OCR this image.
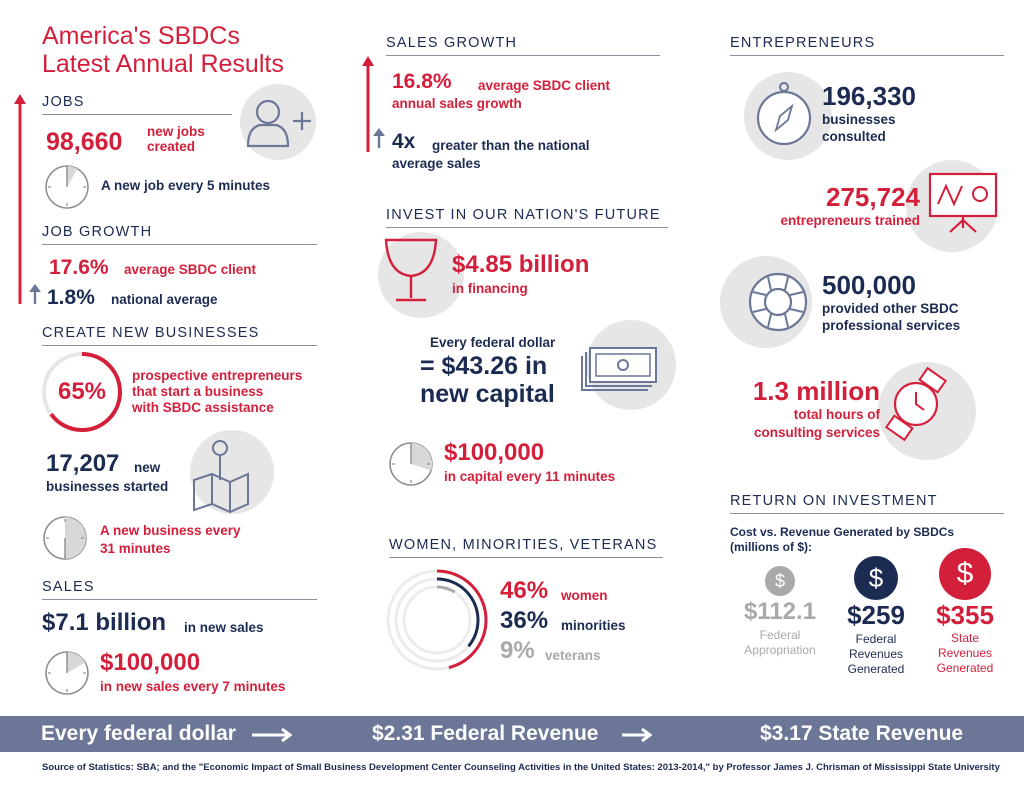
America's SBDCs
Latest Annual Results
JOBS
98,660 new jobs
created
A new job every 5 minutes
JOB GROWTH
17.6% average SBDC client
1.8% national average
CREATE NEW BUSINESSES
65%
prospective entrepreneurs
that start a business
with SBDC assistance
17,207 new
businesses started
A new business every
31 minutes
SALES
$7.1 billion in new sales
$100,000
in new sales every 7 minutes
SALES GROWTH
16.8%	average SBDC client
annual sales growth
4x	greater than the national
average sales
INVEST IN OUR NATION'S FUTURE
$4.85 billion
in financing
Every federal dollar
= $43.26 in
new capital
$100,000
in capital every 11 minutes
WOMEN, MINORITIES, VETERANS
46% women
36% minorities
9% veterans
ENTREPRENEURS
196,330
businesses
consulted
275,724
entrepreneurs trained
500,000
provided other SBDC
professional services
1.3 million
total hours of
consulting services
RETURN ON INVESTMENT
Cost vs. Revenue Generated by SBDCs
(millions of $):
$
$112.1
Federal
Appropriation
$
$259
Federal
Revenues
Generated
$
$355
State
Revenues
Generated
Every federal dollar	$2.31 Federal Revenue	$3.17 State Revenue
Source of Statistics: SBA; and the "Economic Impact of Small Business Development Center Counseling Activities in the United States: 2013-2014," by Professor James J. Chrisman of Mississippi State University
